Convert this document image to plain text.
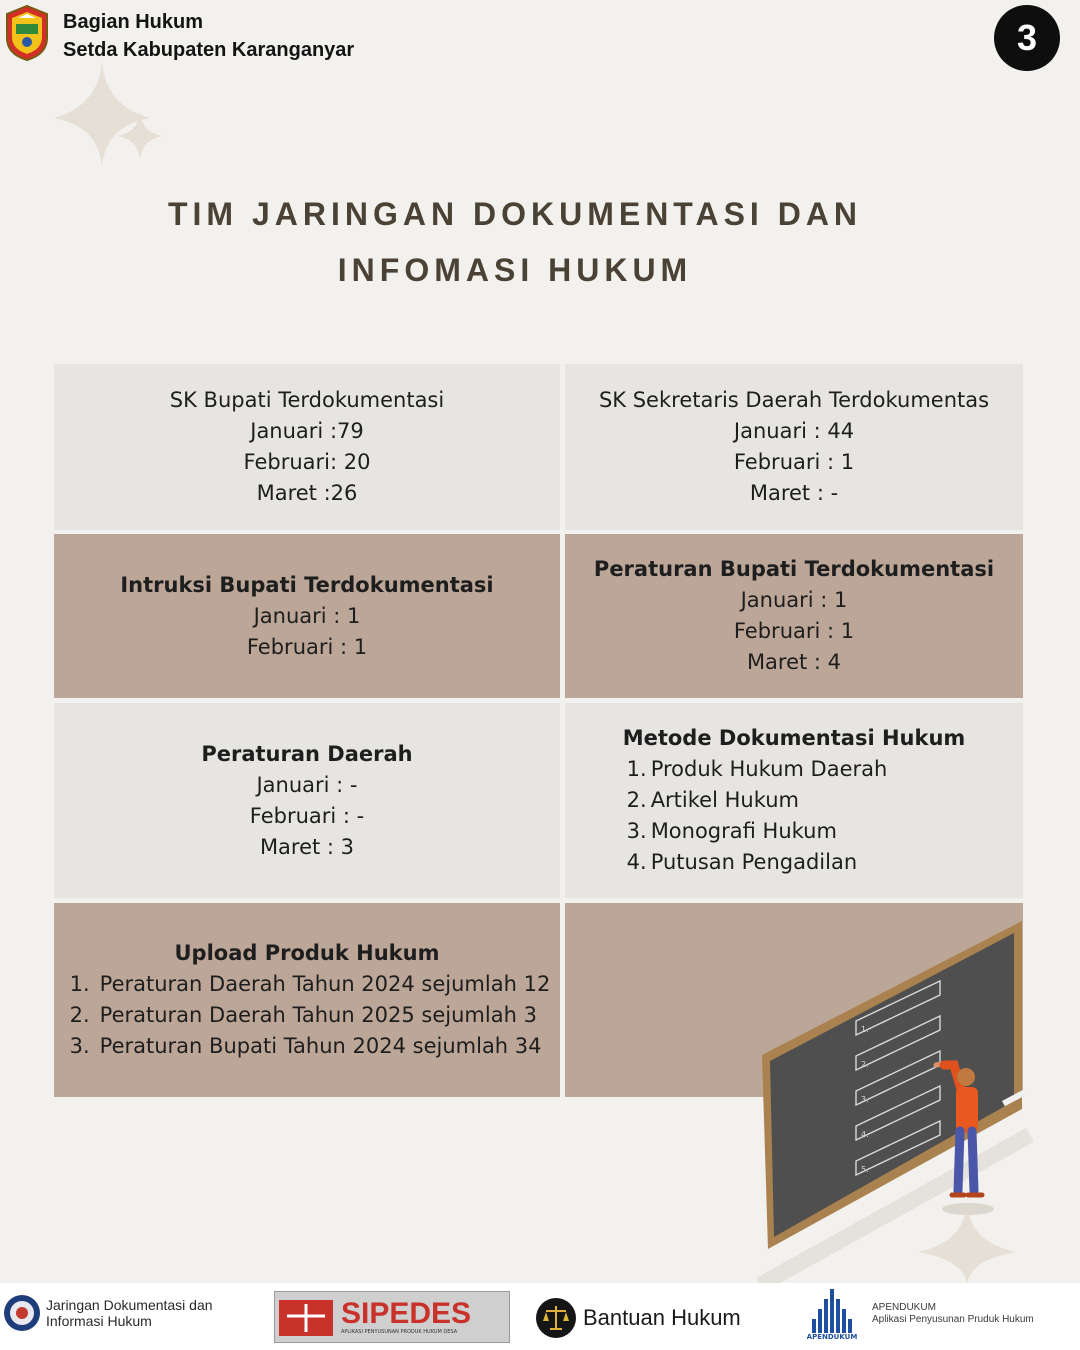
Bagian Hukum
Setda Kabupaten Karanganyar	3
TIM JARINGAN DOKUMENTASI DAN
INFOMASI HUKUM
SK Bupati Terdokumentasi
Januari :79
Februari: 20
Maret :26
SK Sekretaris Daerah Terdokumentas
Januari : 44
Februari : 1
Maret : -
Intruksi Bupati Terdokumentasi
Januari : 1
Februari : 1
Peraturan Bupati Terdokumentasi
Januari : 1
Februari : 1
Maret : 4
Peraturan Daerah
Januari : -
Februari : -
Maret : 3
Metode Dokumentasi Hukum
1. Produk Hukum Daerah
2. Artikel Hukum
3. Monografi Hukum
4. Putusan Pengadilan
Upload Produk Hukum
1. Peraturan Daerah Tahun 2024 sejumlah 12
2. Peraturan Daerah Tahun 2025 sejumlah 3
3. Peraturan Bupati Tahun 2024 sejumlah 34
1.
2.
3.
4.
5.
Jaringan Dokumentasi dan
Informasi Hukum	SIPEDES
APLIKASI PENYUSUNAN PRODUK HUKUM DESA
Bantuan Hukum
APENDUKUM
APENDUKUM
Aplikasi Penyusunan Pruduk Hukum
